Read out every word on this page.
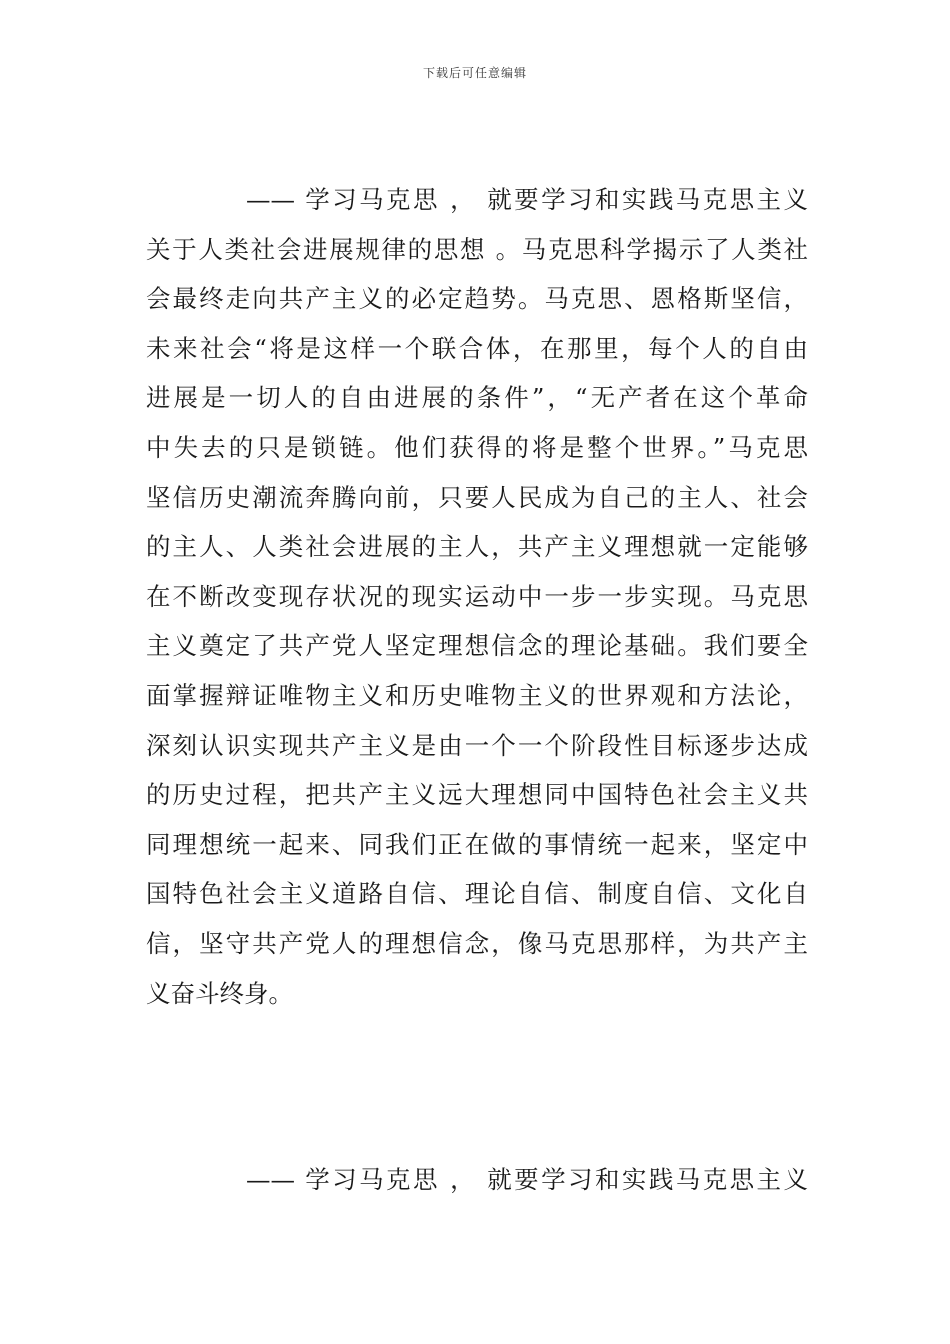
下载后可任意编辑
—— 学习马克思 ， 就要学习和实践马克思主义
关于人类社会进展规律的思想 。马克思科学揭示了人类社
会最终走向共产主义的必定趋势。马克思、恩格斯坚信，
未来社会“将是这样一个联合体，在那里，每个人的自由
进展是一切人的自由进展的条件”，“无产者在这个革命
中失去的只是锁链。他们获得的将是整个世界。”马克思
坚信历史潮流奔腾向前，只要人民成为自己的主人、社会
的主人、人类社会进展的主人，共产主义理想就一定能够
在不断改变现存状况的现实运动中一步一步实现。马克思
主义奠定了共产党人坚定理想信念的理论基础。我们要全
面掌握辩证唯物主义和历史唯物主义的世界观和方法论，
深刻认识实现共产主义是由一个一个阶段性目标逐步达成
的历史过程，把共产主义远大理想同中国特色社会主义共
同理想统一起来、同我们正在做的事情统一起来，坚定中
国特色社会主义道路自信、理论自信、制度自信、文化自
信，坚守共产党人的理想信念，像马克思那样，为共产主
义奋斗终身。
—— 学习马克思 ， 就要学习和实践马克思主义
